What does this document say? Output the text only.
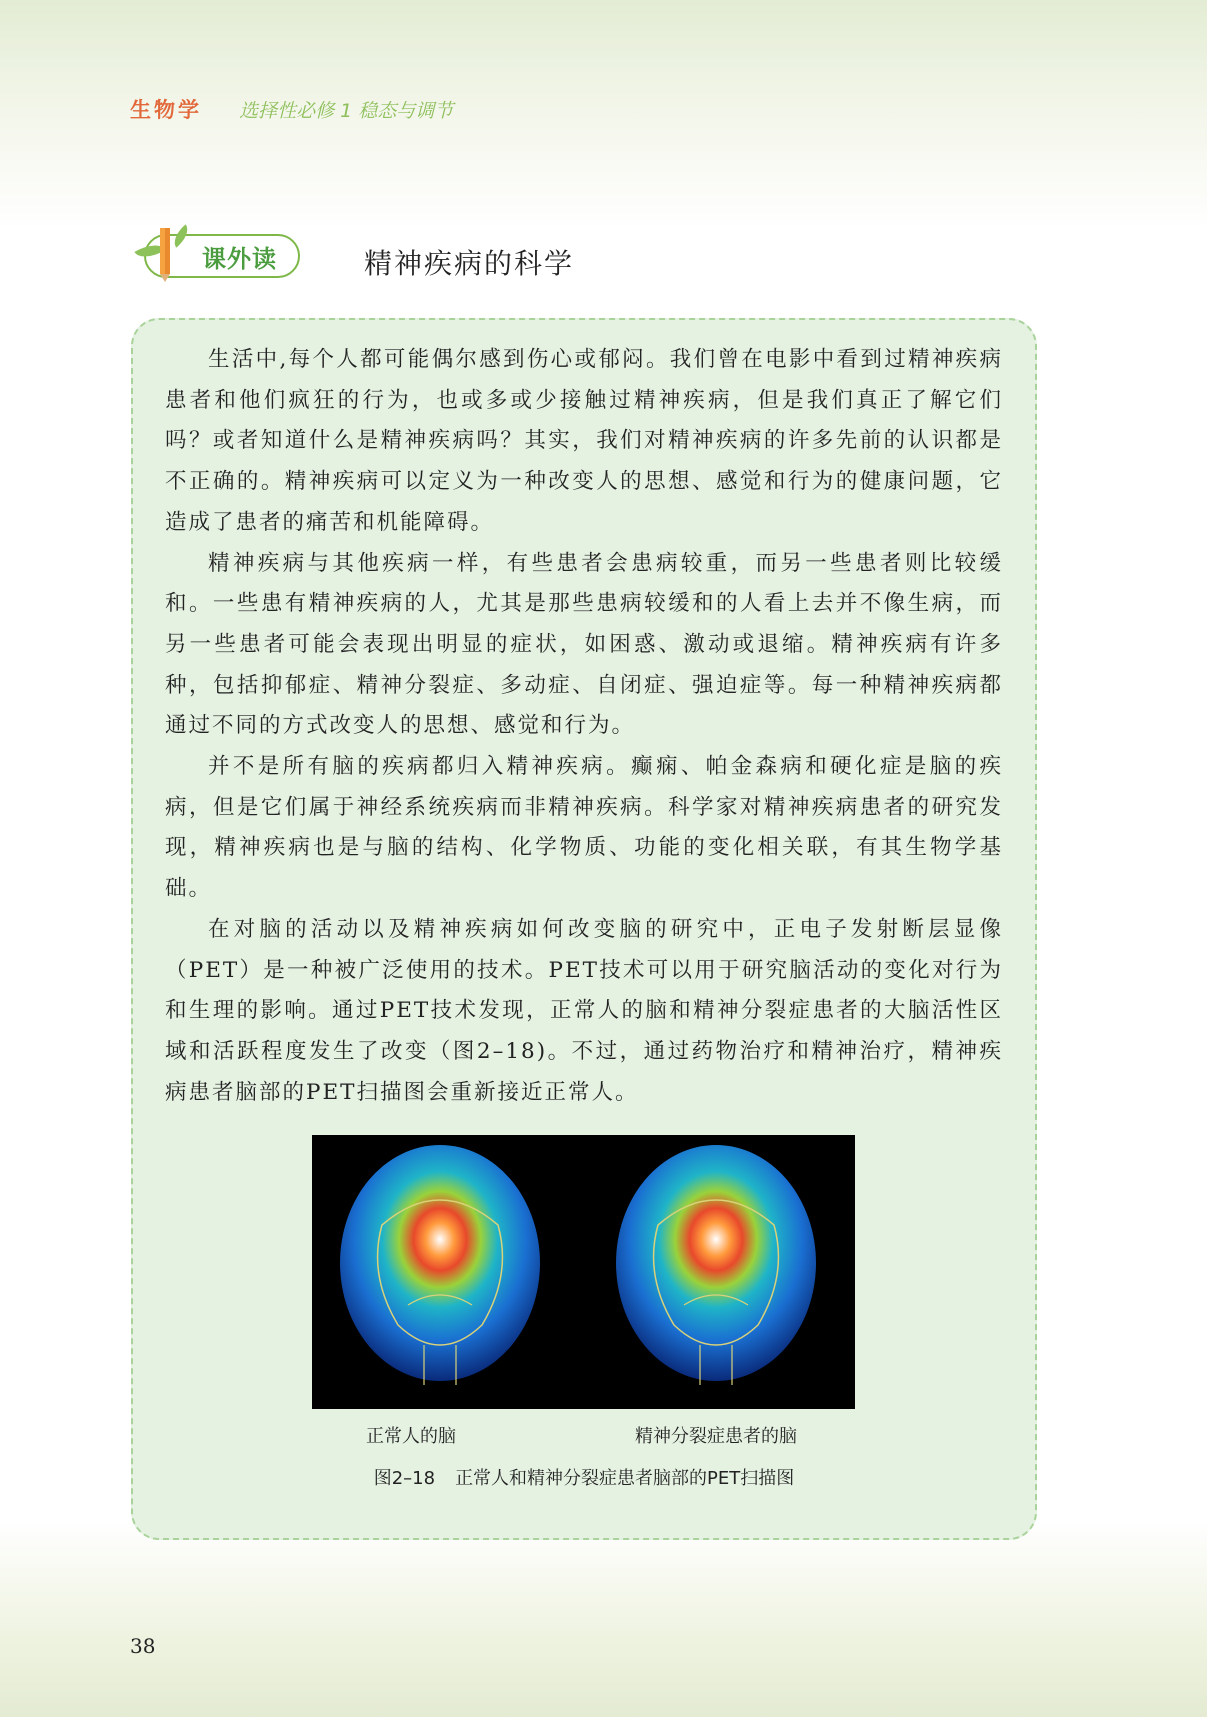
生物学 选择性必修 1 稳态与调节
课外读	精神疾病的科学

生活中,每个人都可能偶尔感到伤心或郁闷。我们曾在电影中看到过精神疾病患者和他们疯狂的行为，也或多或少接触过精神疾病，但是我们真正了解它们吗？或者知道什么是精神疾病吗？其实，我们对精神疾病的许多先前的认识都是不正确的。精神疾病可以定义为一种改变人的思想、感觉和行为的健康问题，它造成了患者的痛苦和机能障碍。

精神疾病与其他疾病一样，有些患者会患病较重，而另一些患者则比较缓和。一些患有精神疾病的人，尤其是那些患病较缓和的人看上去并不像生病，而另一些患者可能会表现出明显的症状，如困惑、激动或退缩。精神疾病有许多种，包括抑郁症、精神分裂症、多动症、自闭症、强迫症等。每一种精神疾病都通过不同的方式改变人的思想、感觉和行为。

并不是所有脑的疾病都归入精神疾病。癫痫、帕金森病和硬化症是脑的疾病，但是它们属于神经系统疾病而非精神疾病。科学家对精神疾病患者的研究发现，精神疾病也是与脑的结构、化学物质、功能的变化相关联，有其生物学基础。

在对脑的活动以及精神疾病如何改变脑的研究中，正电子发射断层显像（PET）是一种被广泛使用的技术。PET技术可以用于研究脑活动的变化对行为和生理的影响。通过PET技术发现，正常人的脑和精神分裂症患者的大脑活性区域和活跃程度发生了改变（图2–18)。不过，通过药物治疗和精神治疗，精神疾病患者脑部的PET扫描图会重新接近正常人。

正常人的脑	精神分裂症患者的脑
图2–18 正常人和精神分裂症患者脑部的PET扫描图
38
